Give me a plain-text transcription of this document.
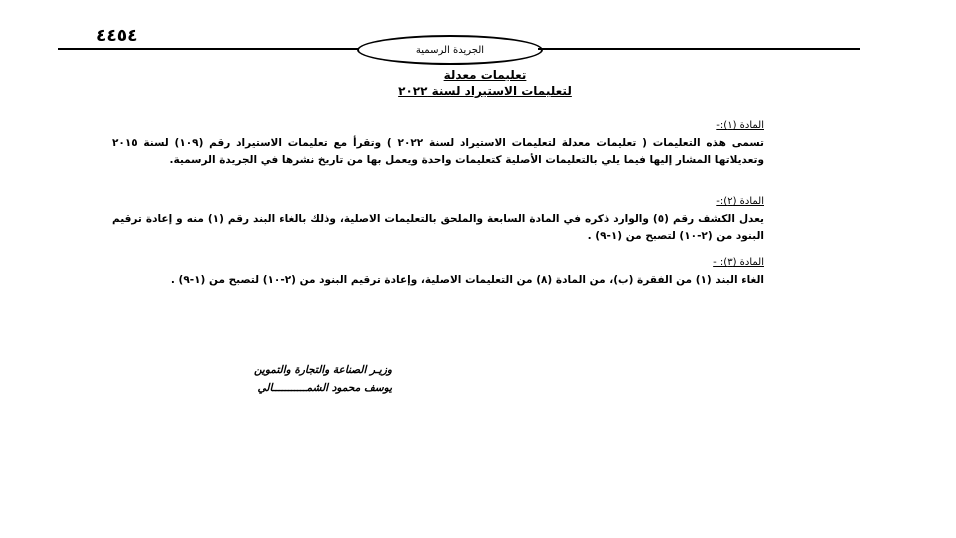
٤٤٥٤
الجريدة الرسمية
تعليمات معدلة
لتعليمات الاستيراد لسنة ٢٠٢٢
المادة (١):-
تسمى هذه التعليمات ( تعليمات معدلة لتعليمات الاستيراد لسنة ٢٠٢٢ ) وتقرأ مع تعليمات الاستيراد رقم (١٠٩) لسنة ٢٠١٥ وتعديلاتها المشار إليها فيما يلي بالتعليمات الأصلية كتعليمات واحدة ويعمل بها من تاريخ نشرها في الجريدة الرسمية.
المادة (٢):-
يعدل الكشف رقم (٥) والوارد ذكره في المادة السابعة والملحق بالتعليمات الاصلية، وذلك بالغاء البند رقم (١) منه و إعادة ترقيم البنود من (٢-١٠) لتصبح من (١-٩) .
المادة (٣): -
الغاء البند (١) من الفقرة (ب)، من المادة (٨) من التعليمات الاصلية، وإعادة ترقيم البنود من (٢-١٠) لتصبح من (١-٩) .
وزيـر الصناعة والتجارة والتموين
يوسف محمود الشمـــــــــــالي
